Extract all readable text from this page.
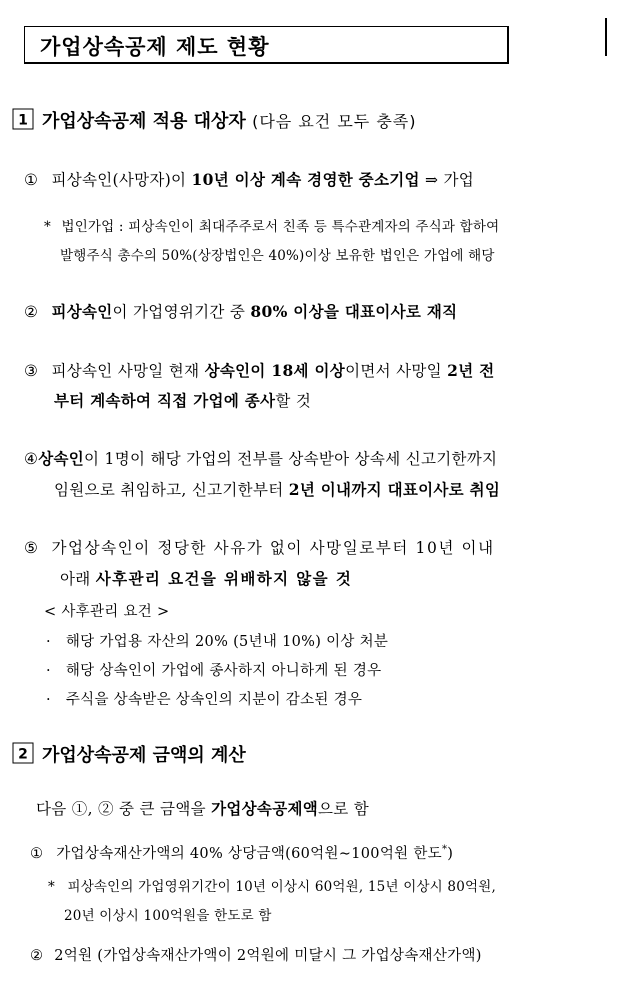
가업상속공제 제도 현황
1 가업상속공제 적용 대상자 (다음 요건 모두 충족)
① 피상속인(사망자)이 10년 이상 계속 경영한 중소기업 ⇒ 가업
* 법인가업 : 피상속인이 최대주주로서 친족 등 특수관계자의 주식과 합하여
발행주식 총수의 50%(상장법인은 40%)이상 보유한 법인은 가업에 해당
② 피상속인이 가업영위기간 중 80% 이상을 대표이사로 재직
③ 피상속인 사망일 현재 상속인이 18세 이상이면서 사망일 2년 전
부터 계속하여 직접 가업에 종사할 것
④상속인이 1명이 해당 가업의 전부를 상속받아 상속세 신고기한까지
임원으로 취임하고, 신고기한부터 2년 이내까지 대표이사로 취임
⑤ 가업상속인이 정당한 사유가 없이 사망일로부터 10년 이내
아래 사후관리 요건을 위배하지 않을 것
< 사후관리 요건 >
· 해당 가업용 자산의 20% (5년내 10%) 이상 처분
· 해당 상속인이 가업에 종사하지 아니하게 된 경우
· 주식을 상속받은 상속인의 지분이 감소된 경우
2 가업상속공제 금액의 계산
다음 ①, ② 중 큰 금액을 가업상속공제액으로 함
① 가업상속재산가액의 40% 상당금액(60억원∼100억원 한도*)
* 피상속인의 가업영위기간이 10년 이상시 60억원, 15년 이상시 80억원,
20년 이상시 100억원을 한도로 함
② 2억원 (가업상속재산가액이 2억원에 미달시 그 가업상속재산가액)
